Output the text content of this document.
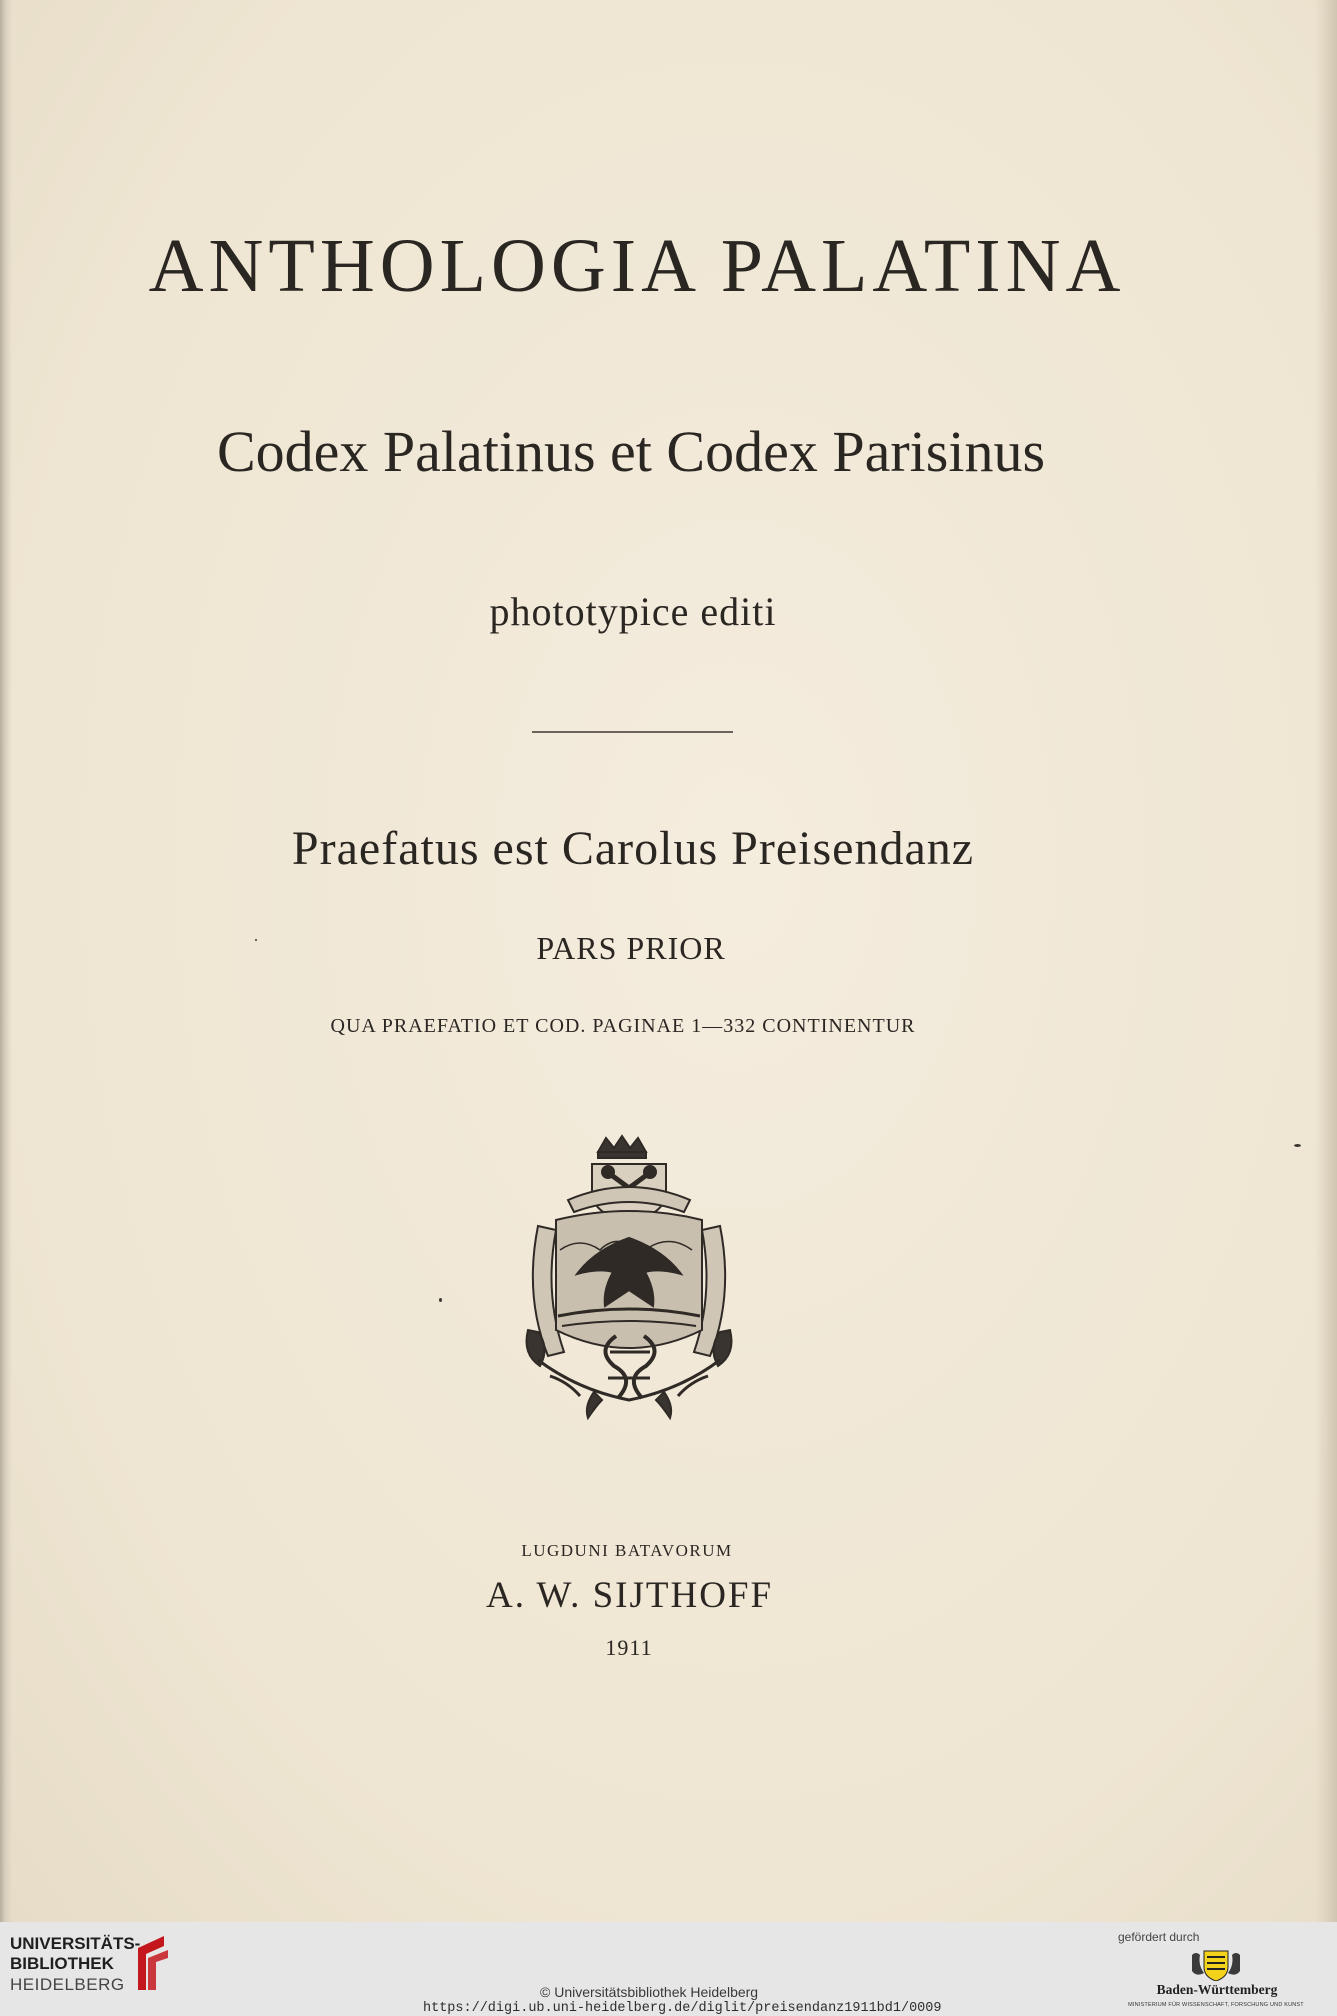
ANTHOLOGIA PALATINA
Codex Palatinus et Codex Parisinus
phototypice editi
Praefatus est Carolus Preisendanz
PARS PRIOR
QUA PRAEFATIO ET COD. PAGINAE 1—332 CONTINENTUR
LUGDUNI BATAVORUM
A. W. SIJTHOFF
1911
UNIVERSITÄTS-
BIBLIOTHEK
HEIDELBERG	© Universitätsbibliothek Heidelberg
https://digi.ub.uni-heidelberg.de/diglit/preisendanz1911bd1/0009
gefördert durch
Baden-Württemberg
MINISTERIUM FÜR WISSENSCHAFT, FORSCHUNG UND KUNST
